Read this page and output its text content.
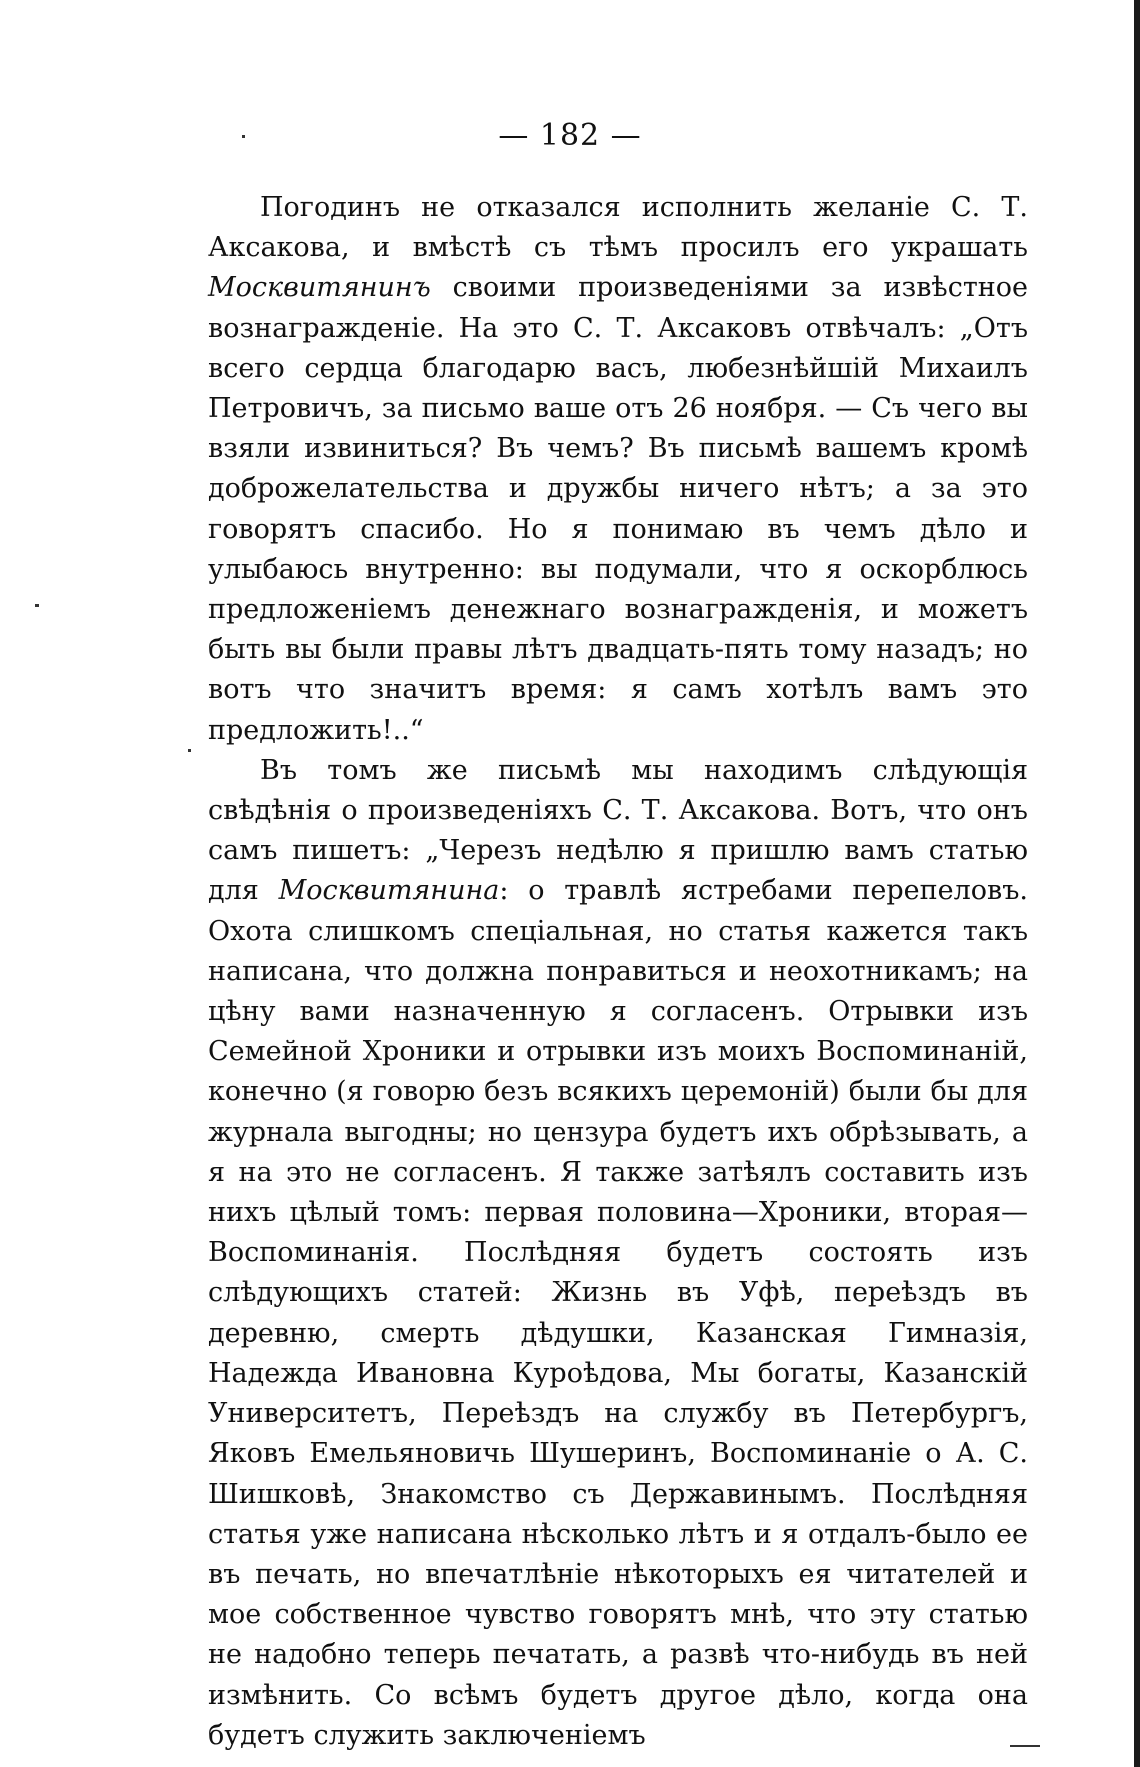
— 182 —

Погодинъ не отказался исполнить желаніе С. Т. Аксакова, и вмѣстѣ съ тѣмъ просилъ его украшать Москвитянинъ своими произведеніями за извѣстное вознагражденіе. На это С. Т. Аксаковъ отвѣчалъ: „Отъ всего сердца благодарю васъ, любезнѣйшій Михаилъ Петровичъ, за письмо ваше отъ 26 ноября. — Съ чего вы взяли извиниться? Въ чемъ? Въ письмѣ вашемъ кромѣ доброжелательства и дружбы ничего нѣтъ; а за это говорятъ спасибо. Но я понимаю въ чемъ дѣло и улыбаюсь внутренно: вы подумали, что я оскорблюсь предложеніемъ денежнаго вознагражденія, и можетъ быть вы были правы лѣтъ двадцать-пять тому назадъ; но вотъ что значитъ время: я самъ хотѣлъ вамъ это предложить!..“

Въ томъ же письмѣ мы находимъ слѣдующія свѣдѣнія о произведеніяхъ С. Т. Аксакова. Вотъ, что онъ самъ пишетъ: „Черезъ недѣлю я пришлю вамъ статью для Москвитянина: о травлѣ ястребами перепеловъ. Охота слишкомъ спеціальная, но статья кажется такъ написана, что должна понравиться и неохотникамъ; на цѣну вами назначенную я согласенъ. Отрывки изъ Семейной Хроники и отрывки изъ моихъ Воспоминаній, конечно (я говорю безъ всякихъ церемоній) были бы для журнала выгодны; но цензура будетъ ихъ обрѣзывать, а я на это не согласенъ. Я также затѣялъ составить изъ нихъ цѣлый томъ: первая половина—Хроники, вторая—Воспоминанія. Послѣдняя будетъ состоять изъ слѣдующихъ статей: Жизнь въ Уфѣ, переѣздъ въ деревню, смерть дѣдушки, Казанская Гимназія, Надежда Ивановна Куроѣдова, Мы богаты, Казанскій Университетъ, Переѣздъ на службу въ Петербургъ, Яковъ Емельяновичь Шушеринъ, Воспоминаніе о А. С. Шишковѣ, Знакомство съ Державинымъ. Послѣдняя статья уже написана нѣсколько лѣтъ и я отдалъ-было ее въ печать, но впечатлѣніе нѣкоторыхъ ея читателей и мое собственное чувство говорятъ мнѣ, что эту статью не надобно теперь печатать, а развѣ что-нибудь въ ней измѣнить. Со всѣмъ будетъ другое дѣло, когда она будетъ служить заключеніемъ
